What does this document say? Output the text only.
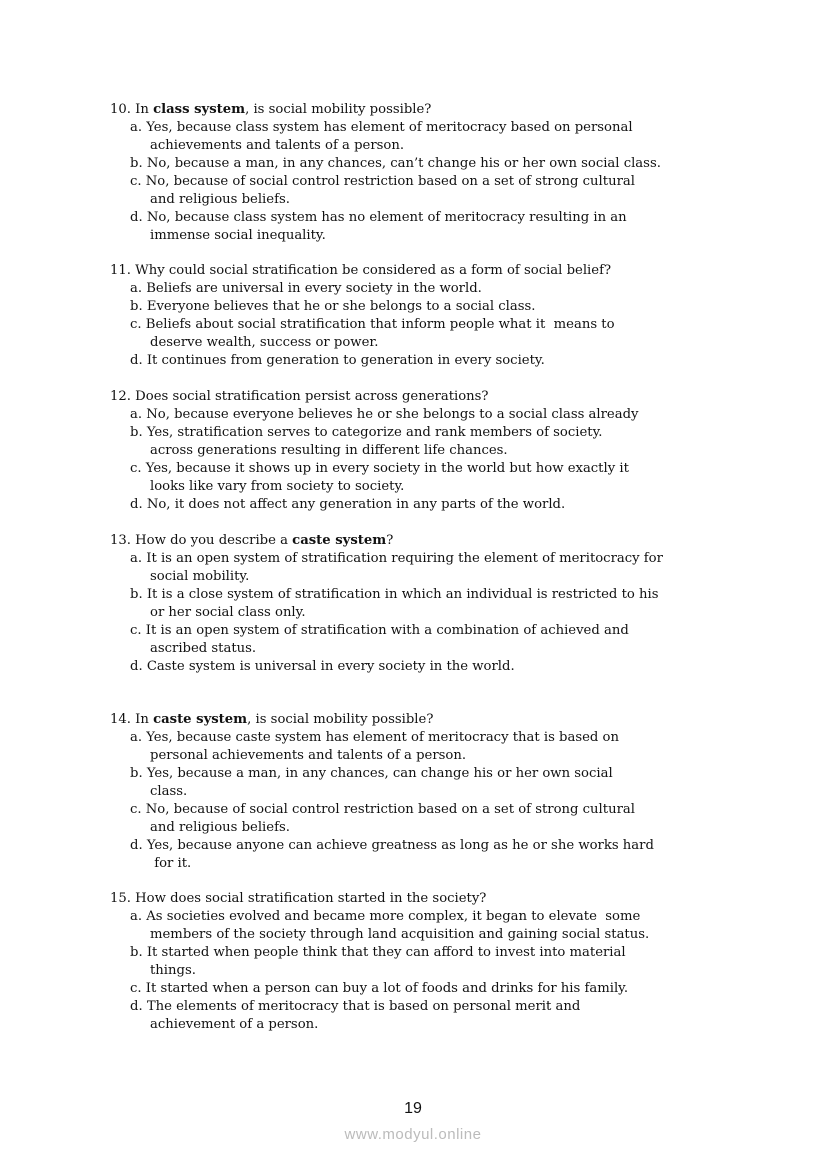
10. In class system, is social mobility possible?
a. Yes, because class system has element of meritocracy based on personal
achievements and talents of a person.
b. No, because a man, in any chances, can’t change his or her own social class.
c. No, because of social control restriction based on a set of strong cultural
and religious beliefs.
d. No, because class system has no element of meritocracy resulting in an
immense social inequality.
11. Why could social stratification be considered as a form of social belief?
a. Beliefs are universal in every society in the world.
b. Everyone believes that he or she belongs to a social class.
c. Beliefs about social stratification that inform people what it  means to
deserve wealth, success or power.
d. It continues from generation to generation in every society.
12. Does social stratification persist across generations?
a. No, because everyone believes he or she belongs to a social class already
b. Yes, stratification serves to categorize and rank members of society.
across generations resulting in different life chances.
c. Yes, because it shows up in every society in the world but how exactly it
looks like vary from society to society.
d. No, it does not affect any generation in any parts of the world.
13. How do you describe a caste system?
a. It is an open system of stratification requiring the element of meritocracy for
social mobility.
b. It is a close system of stratification in which an individual is restricted to his
or her social class only.
c. It is an open system of stratification with a combination of achieved and
ascribed status.
d. Caste system is universal in every society in the world.
14. In caste system, is social mobility possible?
a. Yes, because caste system has element of meritocracy that is based on
personal achievements and talents of a person.
b. Yes, because a man, in any chances, can change his or her own social
class.
c. No, because of social control restriction based on a set of strong cultural
and religious beliefs.
d. Yes, because anyone can achieve greatness as long as he or she works hard
for it.
15. How does social stratification started in the society?
a. As societies evolved and became more complex, it began to elevate  some
members of the society through land acquisition and gaining social status.
b. It started when people think that they can afford to invest into material
things.
c. It started when a person can buy a lot of foods and drinks for his family.
d. The elements of meritocracy that is based on personal merit and
achievement of a person.
19
www.modyul.online
